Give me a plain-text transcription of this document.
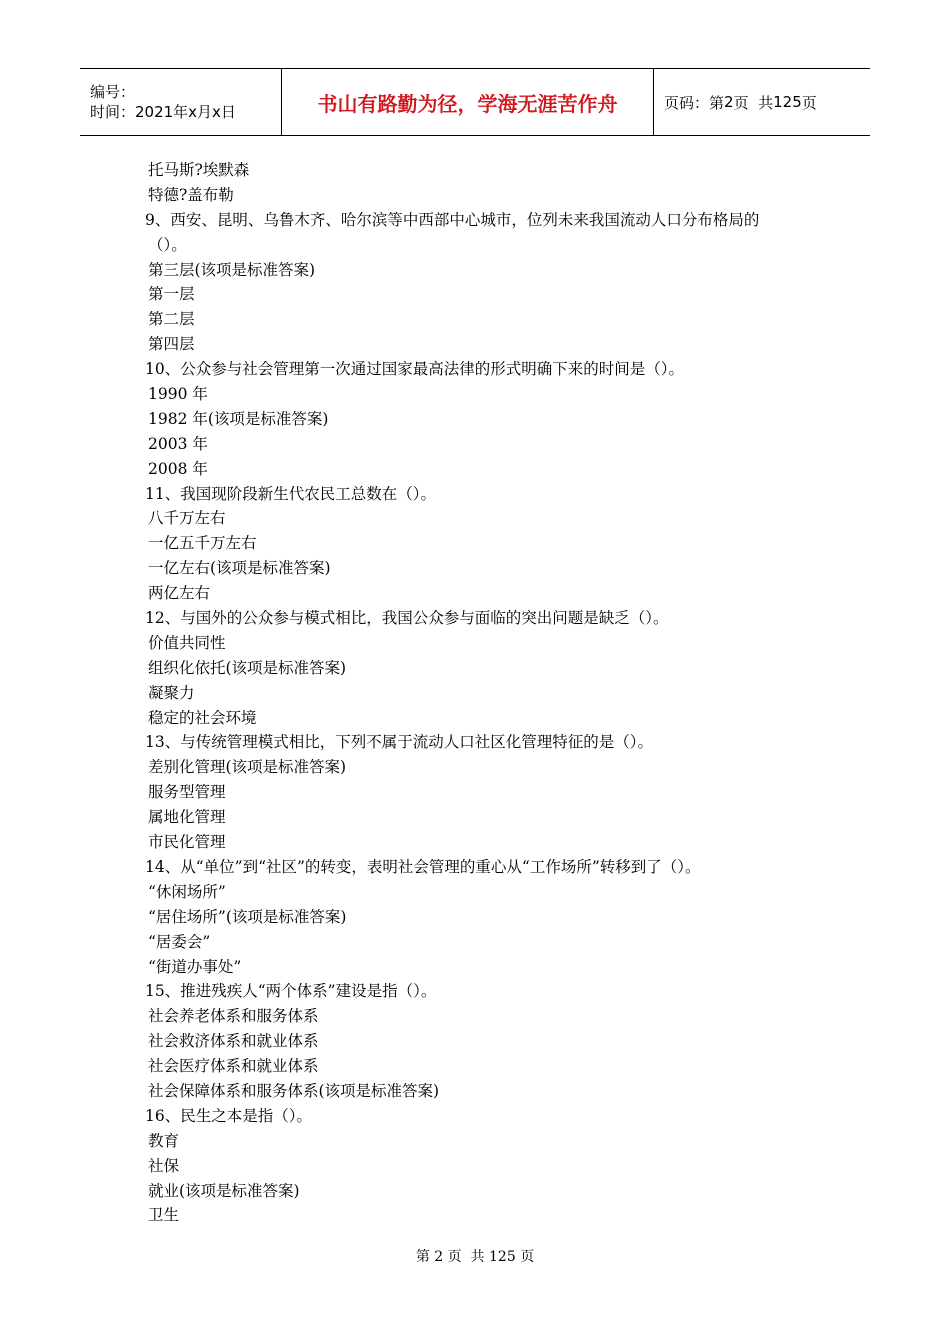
编号：
时间：2021年x月x日	书山有路勤为径，学海无涯苦作舟	页码：第 2 页  共 125 页
托马斯?埃默森
特德?盖布勒
9、西安、昆明、乌鲁木齐、哈尔滨等中西部中心城市，位列未来我国流动人口分布格局的
（）。
第三层(该项是标准答案)
第一层
第二层
第四层
10、公众参与社会管理第一次通过国家最高法律的形式明确下来的时间是（）。
1990 年
1982 年(该项是标准答案)
2003 年
2008 年
11、我国现阶段新生代农民工总数在（）。
八千万左右
一亿五千万左右
一亿左右(该项是标准答案)
两亿左右
12、与国外的公众参与模式相比，我国公众参与面临的突出问题是缺乏（）。
价值共同性
组织化依托(该项是标准答案)
凝聚力
稳定的社会环境
13、与传统管理模式相比，下列不属于流动人口社区化管理特征的是（）。
差别化管理(该项是标准答案)
服务型管理
属地化管理
市民化管理
14、从“单位”到“社区”的转变，表明社会管理的重心从“工作场所”转移到了（）。
“休闲场所”
“居住场所”(该项是标准答案)
“居委会”
“街道办事处”
15、推进残疾人“两个体系”建设是指（）。
社会养老体系和服务体系
社会救济体系和就业体系
社会医疗体系和就业体系
社会保障体系和服务体系(该项是标准答案)
16、民生之本是指（）。
教育
社保
就业(该项是标准答案)
卫生
第 2 页  共 125 页
